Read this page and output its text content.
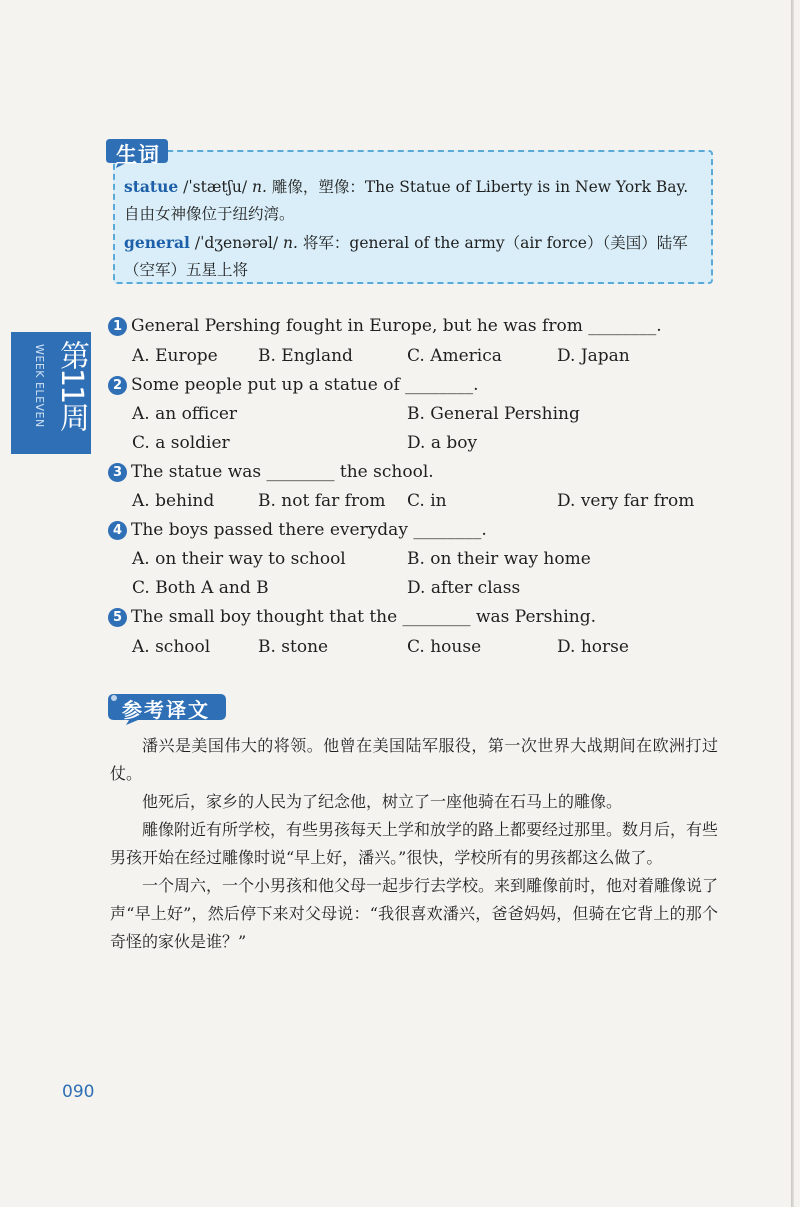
生词
statue /ˈstætʃu/ n. 雕像，塑像：The Statue of Liberty is in New York Bay. 自由女神像位于纽约湾。
general /ˈdʒenərəl/ n. 将军：general of the army（air force）（美国）陆军（空军）五星上将
第11周
WEEK ELEVEN
1 General Pershing fought in Europe, but he was from ________.
A. Europe B. England	C. America	D. Japan
2 Some people put up a statue of ________.
A. an officer	B. General Pershing
C. a soldier	D. a boy
3 The statue was ________ the school.
A. behind	B. not far from C. in	D. very far from
4 The boys passed there everyday ________.
A. on their way to school	B. on their way home
C. Both A and B	D. after class
5 The small boy thought that the ________ was Pershing.
A. school	B. stone	C. house	D. horse
参考译文
潘兴是美国伟大的将领。他曾在美国陆军服役，第一次世界大战期间在欧洲打过仗。
他死后，家乡的人民为了纪念他，树立了一座他骑在石马上的雕像。
雕像附近有所学校，有些男孩每天上学和放学的路上都要经过那里。数月后，有些男孩开始在经过雕像时说“早上好，潘兴。”很快，学校所有的男孩都这么做了。
一个周六，一个小男孩和他父母一起步行去学校。来到雕像前时，他对着雕像说了声“早上好”，然后停下来对父母说：“我很喜欢潘兴，爸爸妈妈，但骑在它背上的那个奇怪的家伙是谁？”
090
